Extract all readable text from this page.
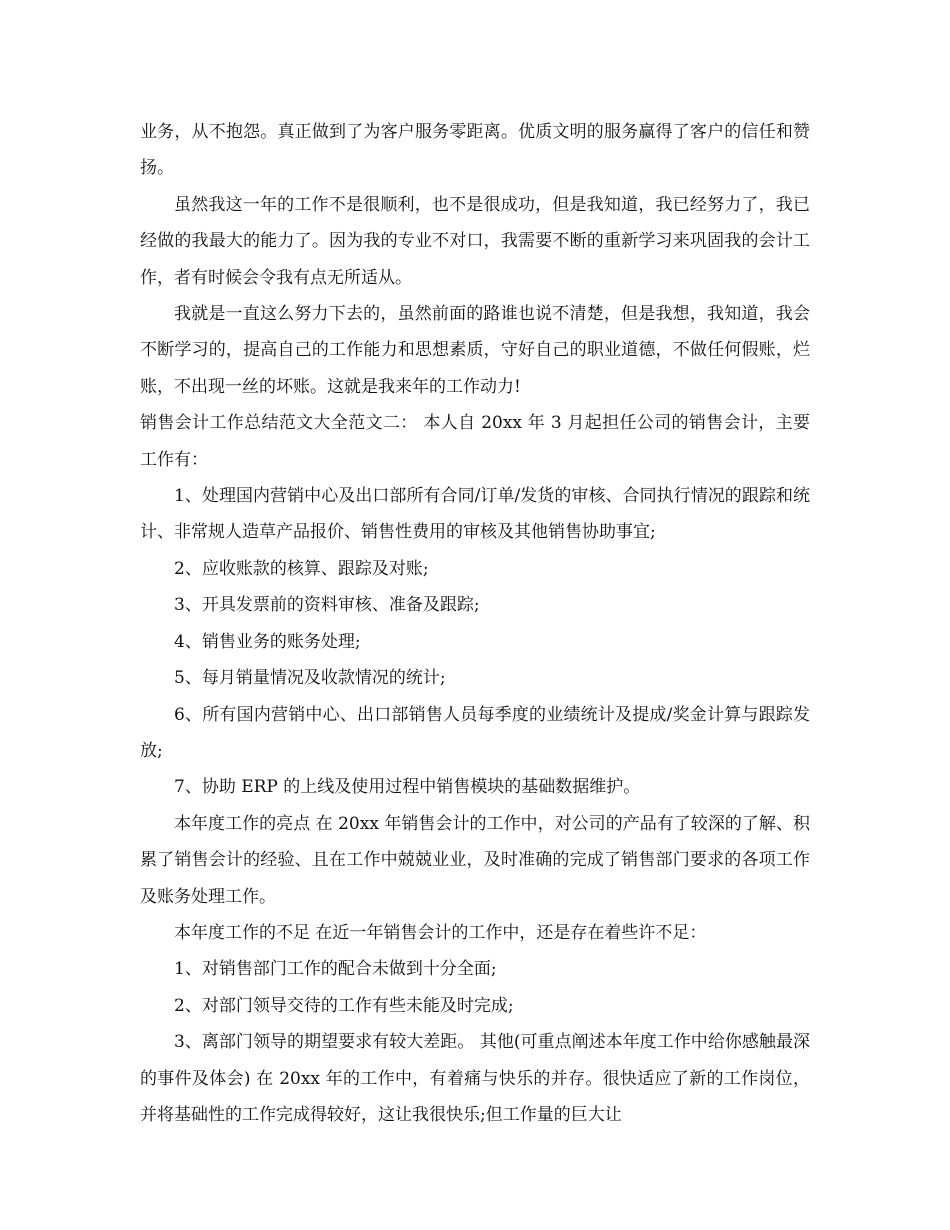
业务，从不抱怨。真正做到了为客户服务零距离。优质文明的服务赢得了客户的信任和赞扬。

虽然我这一年的工作不是很顺利，也不是很成功，但是我知道，我已经努力了，我已经做的我最大的能力了。因为我的专业不对口，我需要不断的重新学习来巩固我的会计工作，者有时候会令我有点无所适从。

我就是一直这么努力下去的，虽然前面的路谁也说不清楚，但是我想，我知道，我会不断学习的，提高自己的工作能力和思想素质，守好自己的职业道德，不做任何假账，烂账，不出现一丝的坏账。这就是我来年的工作动力!

销售会计工作总结范文大全范文二： 本人自 20xx 年 3 月起担任公司的销售会计，主要工作有：

1、处理国内营销中心及出口部所有合同/订单/发货的审核、合同执行情况的跟踪和统计、非常规人造草产品报价、销售性费用的审核及其他销售协助事宜;

2、应收账款的核算、跟踪及对账;

3、开具发票前的资料审核、准备及跟踪;

4、销售业务的账务处理;

5、每月销量情况及收款情况的统计;

6、所有国内营销中心、出口部销售人员每季度的业绩统计及提成/奖金计算与跟踪发放;

7、协助 ERP 的上线及使用过程中销售模块的基础数据维护。

本年度工作的亮点 在 20xx 年销售会计的工作中，对公司的产品有了较深的了解、积累了销售会计的经验、且在工作中兢兢业业，及时准确的完成了销售部门要求的各项工作及账务处理工作。

本年度工作的不足 在近一年销售会计的工作中，还是存在着些许不足：

1、对销售部门工作的配合未做到十分全面;

2、对部门领导交待的工作有些未能及时完成;

3、离部门领导的期望要求有较大差距。 其他(可重点阐述本年度工作中给你感触最深的事件及体会) 在 20xx 年的工作中，有着痛与快乐的并存。很快适应了新的工作岗位，并将基础性的工作完成得较好，这让我很快乐;但工作量的巨大让
